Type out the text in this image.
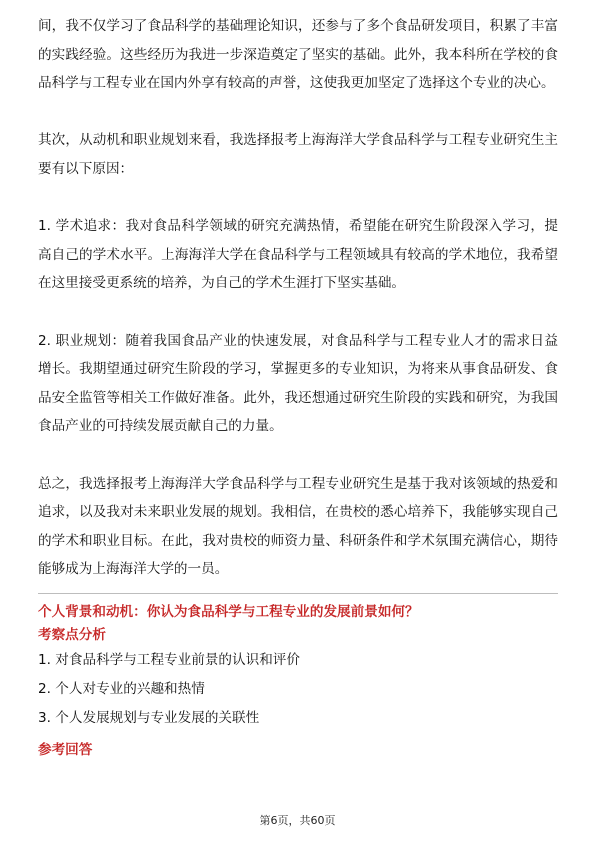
间，我不仅学习了食品科学的基础理论知识，还参与了多个食品研发项目，积累了丰富的实践经验。这些经历为我进一步深造奠定了坚实的基础。此外，我本科所在学校的食品科学与工程专业在国内外享有较高的声誉，这使我更加坚定了选择这个专业的决心。

其次，从动机和职业规划来看，我选择报考上海海洋大学食品科学与工程专业研究生主要有以下原因：

1. 学术追求：我对食品科学领域的研究充满热情，希望能在研究生阶段深入学习，提高自己的学术水平。上海海洋大学在食品科学与工程领域具有较高的学术地位，我希望在这里接受更系统的培养，为自己的学术生涯打下坚实基础。

2. 职业规划：随着我国食品产业的快速发展，对食品科学与工程专业人才的需求日益增长。我期望通过研究生阶段的学习，掌握更多的专业知识，为将来从事食品研发、食品安全监管等相关工作做好准备。此外，我还想通过研究生阶段的实践和研究，为我国食品产业的可持续发展贡献自己的力量。

总之，我选择报考上海海洋大学食品科学与工程专业研究生是基于我对该领域的热爱和追求，以及我对未来职业发展的规划。我相信，在贵校的悉心培养下，我能够实现自己的学术和职业目标。在此，我对贵校的师资力量、科研条件和学术氛围充满信心，期待能够成为上海海洋大学的一员。

个人背景和动机：你认为食品科学与工程专业的发展前景如何？

考察点分析

1. 对食品科学与工程专业前景的认识和评价

2. 个人对专业的兴趣和热情

3. 个人发展规划与专业发展的关联性

参考回答

第6页，共60页
